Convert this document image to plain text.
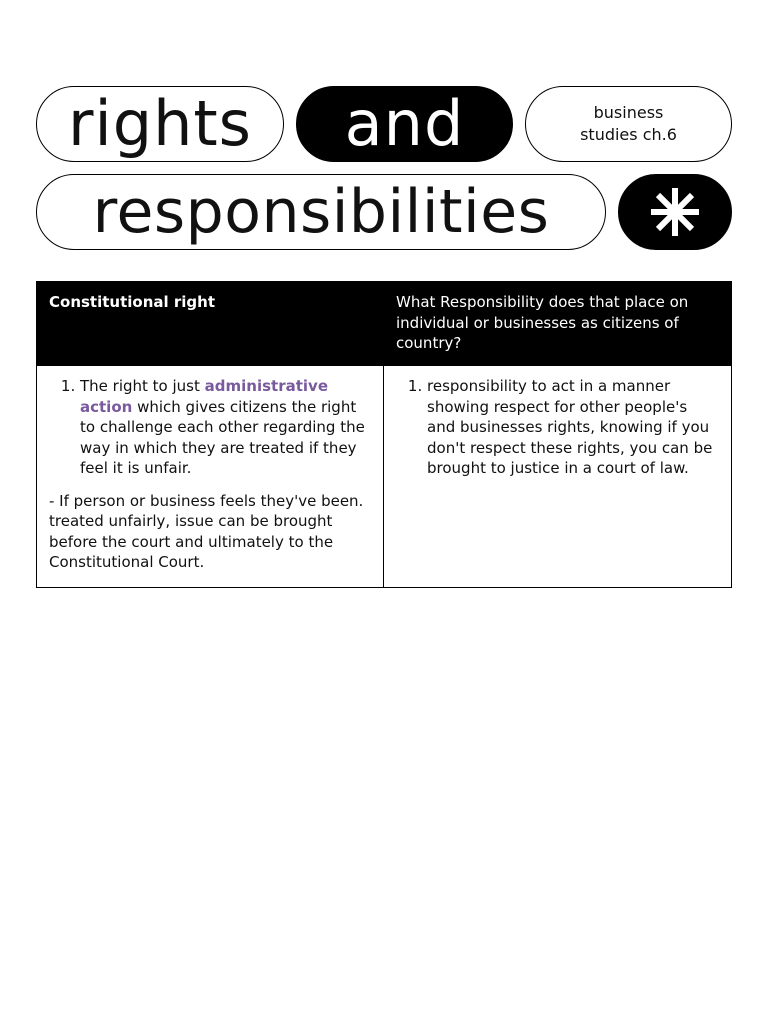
rights and	business
studies ch.6
responsibilities
Constitutional right	What Responsibility does that place on individual or businesses as citizens of country?
1. The right to just administrative action which gives citizens the right to challenge each other regarding the way in which they are treated if they feel it is unfair.
- If person or business feels they've been. treated unfairly, issue can be brought before the court and ultimately to the Constitutional Court.
1. responsibility to act in a manner showing respect for other people's and businesses rights, knowing if you don't respect these rights, you can be brought to justice in a court of law.
